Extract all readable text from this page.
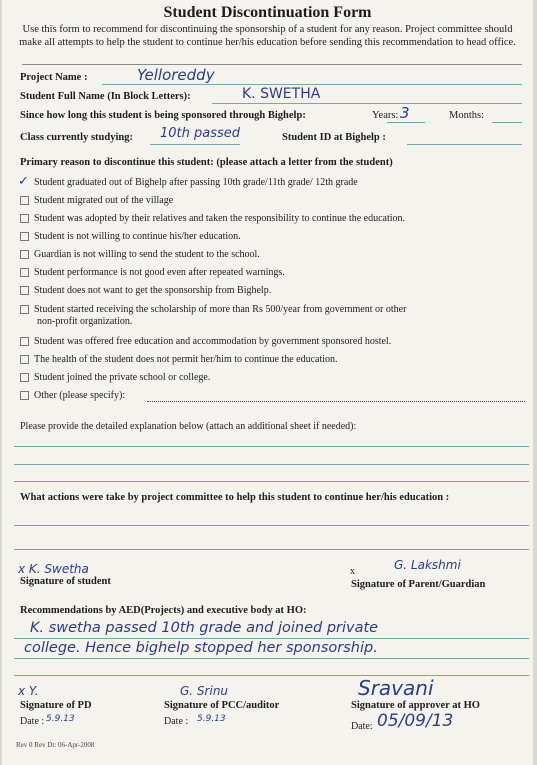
Student Discontinuation Form
Use this form to recommend for discontinuing the sponsorship of a student for any reason. Project committee should make all attempts to help the student to continue her/his education before sending this recommendation to head office.
Project Name :	Yelloreddy
Student Full Name (In Block Letters):	K. SWETHA
Since how long this student is being sponsored through Bighelp:	Years: 3	Months:
Class currently studying: 10th passed	Student ID at Bighelp :
Primary reason to discontinue this student: (please attach a letter from the student)
✓ Student graduated out of Bighelp after passing 10th grade/11th grade/ 12th grade
Student migrated out of the village
Student was adopted by their relatives and taken the responsibility to continue the education.
Student is not willing to continue his/her education.
Guardian is not willing to send the student to the school.
Student performance is not good even after repeated warnings.
Student does not want to get the sponsorship from Bighelp.
Student started receiving the scholarship of more than Rs 500/year from government or other
non-profit organization.
Student was offered free education and accommodation by government sponsored hostel.
The health of the student does not permit her/him to continue the education.
Student joined the private school or college.
Other (please specify):
Please provide the detailed explanation below (attach an additional sheet if needed):
What actions were take by project committee to help this student to continue her/his education :
x K. Swetha
Signature of student
x	G. Lakshmi
Signature of Parent/Guardian
Recommendations by AED(Projects) and executive body at HO:
K. swetha passed 10th grade and joined private
college. Hence bighelp stopped her sponsorship.
x Y.
Signature of PD
Date : 5.9.13
G. Srinu
Signature of PCC/auditor
Date : 5.9.13
Sravani
Signature of approver at HO
Date: 05/09/13
Rev 0 Rev Dt: 06-Apr-2008
